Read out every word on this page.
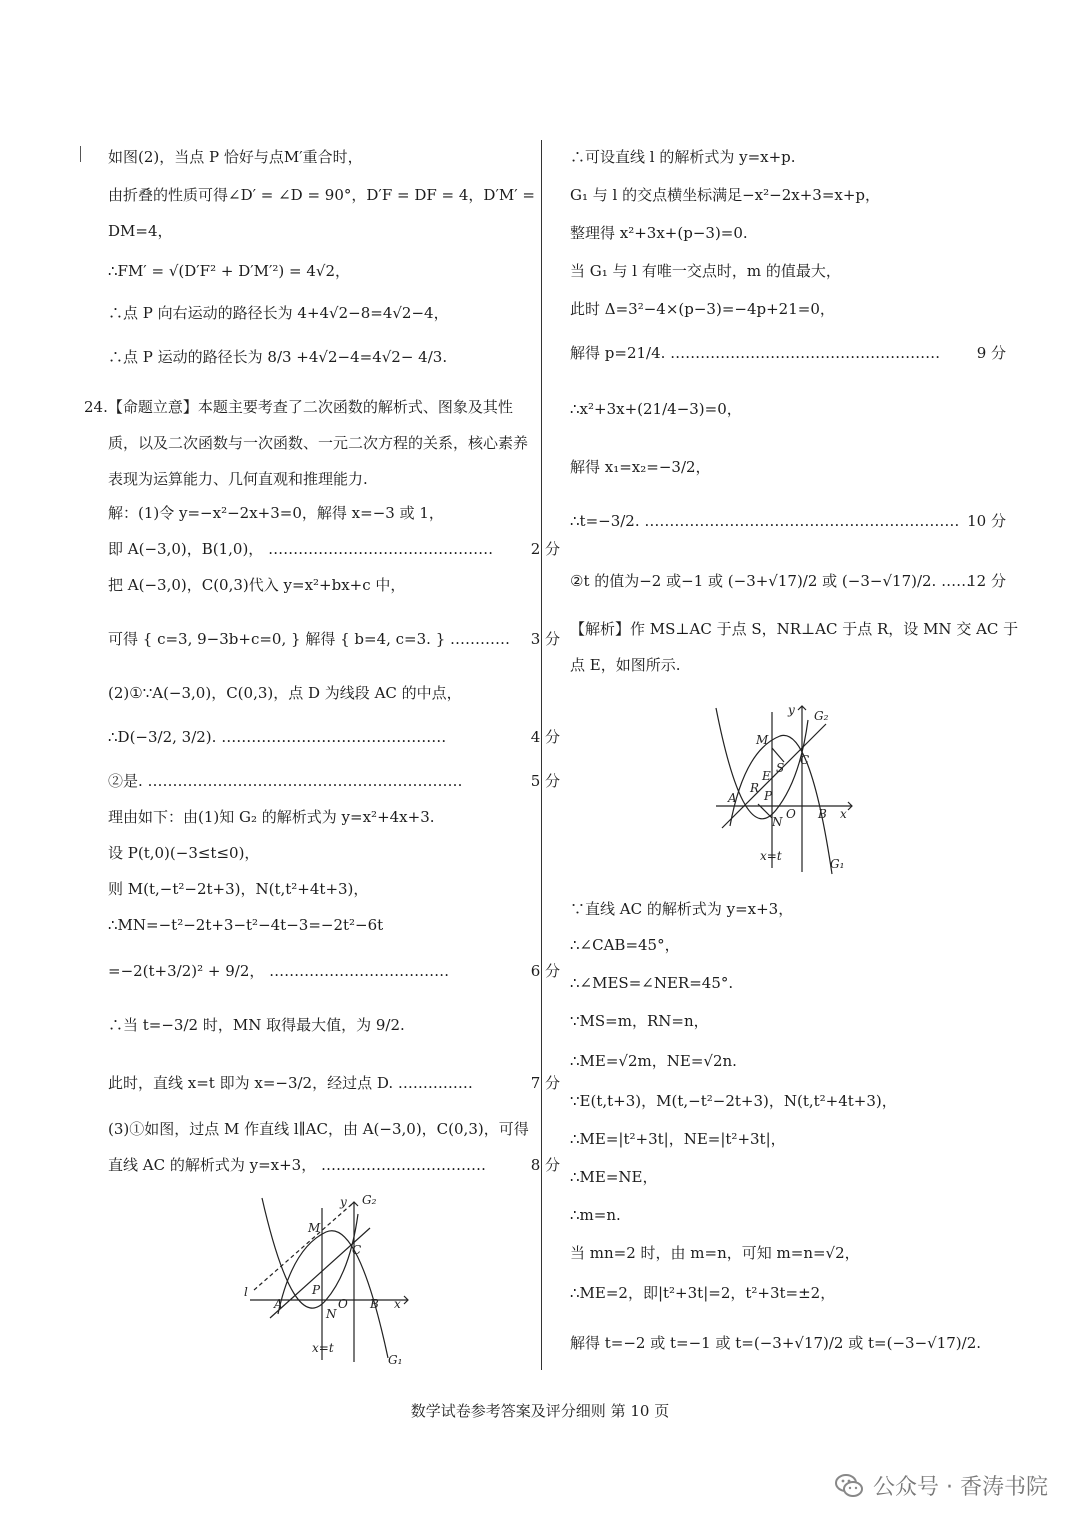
如图(2)，当点 P 恰好与点M′重合时，
由折叠的性质可得∠D′ = ∠D = 90°，D′F = DF = 4，D′M′ =
DM=4，
∴FM′ = √(D′F² + D′M′²) = 4√2，
∴点 P 向右运动的路径长为 4+4√2−8=4√2−4，
∴点 P 运动的路径长为 8/3 +4√2−4=4√2− 4/3.
24.【命题立意】本题主要考查了二次函数的解析式、图象及其性
质，以及二次函数与一次函数、一元二次方程的关系，核心素养
表现为运算能力、几何直观和推理能力.
解：(1)令 y=−x²−2x+3=0，解得 x=−3 或 1，
即 A(−3,0)，B(1,0)， ………………………………………	2 分
把 A(−3,0)，C(0,3)代入 y=x²+bx+c 中，
可得 { c=3, 9−3b+c=0, } 解得 { b=4, c=3. } ………… 3 分
(2)①∵A(−3,0)，C(0,3)，点 D 为线段 AC 的中点，
∴D(−3/2, 3/2). ………………………………………	4 分
②是. ………………………………………………………	5 分
理由如下：由(1)知 G₂ 的解析式为 y=x²+4x+3.
设 P(t,0)(−3≤t≤0)，
则 M(t,−t²−2t+3)，N(t,t²+4t+3)，
∴MN=−t²−2t+3−t²−4t−3=−2t²−6t
=−2(t+3/2)² + 9/2， ………………………………	6 分
∴当 t=−3/2 时，MN 取得最大值，为 9/2.
此时，直线 x=t 即为 x=−3/2，经过点 D. ……………	7 分
(3)①如图，过点 M 作直线 l∥AC，由 A(−3,0)，C(0,3)，可得
直线 AC 的解析式为 y=x+3， ……………………………	8 分
∴可设直线 l 的解析式为 y=x+p.
G₁ 与 l 的交点横坐标满足−x²−2x+3=x+p，
整理得 x²+3x+(p−3)=0.
当 G₁ 与 l 有唯一交点时，m 的值最大，
此时 Δ=3²−4×(p−3)=−4p+21=0，
解得 p=21/4. ……………………………………………… 9 分
∴x²+3x+(21/4−3)=0，
解得 x₁=x₂=−3/2，
∴t=−3/2. ……………………………………………………… 10 分
②t 的值为−2 或−1 或 (−3+√17)/2 或 (−3−√17)/2. ……
12 分
【解析】作 MS⊥AC 于点 S，NR⊥AC 于点 R，设 MN 交 AC 于
点 E，如图所示.
∵直线 AC 的解析式为 y=x+3，
∴∠CAB=45°，
∴∠MES=∠NER=45°.
∵MS=m，RN=n，
∴ME=√2m，NE=√2n.
∵E(t,t+3)，M(t,−t²−2t+3)，N(t,t²+4t+3)，
∴ME=|t²+3t|，NE=|t²+3t|，
∴ME=NE，
∴m=n.
当 mn=2 时，由 m=n，可知 m=n=√2，
∴ME=2，即|t²+3t|=2，t²+3t=±2，
解得 t=−2 或 t=−1 或 t=(−3+√17)/2 或 t=(−3−√17)/2.
y G₂
M
C
l
A
P
N
O B x
x=t
G₁
y G₂
M
C
S
E
R
A P
N
O B x
x=t
G₁
数学试卷参考答案及评分细则 第 10 页
公众号 · 香涛书院
